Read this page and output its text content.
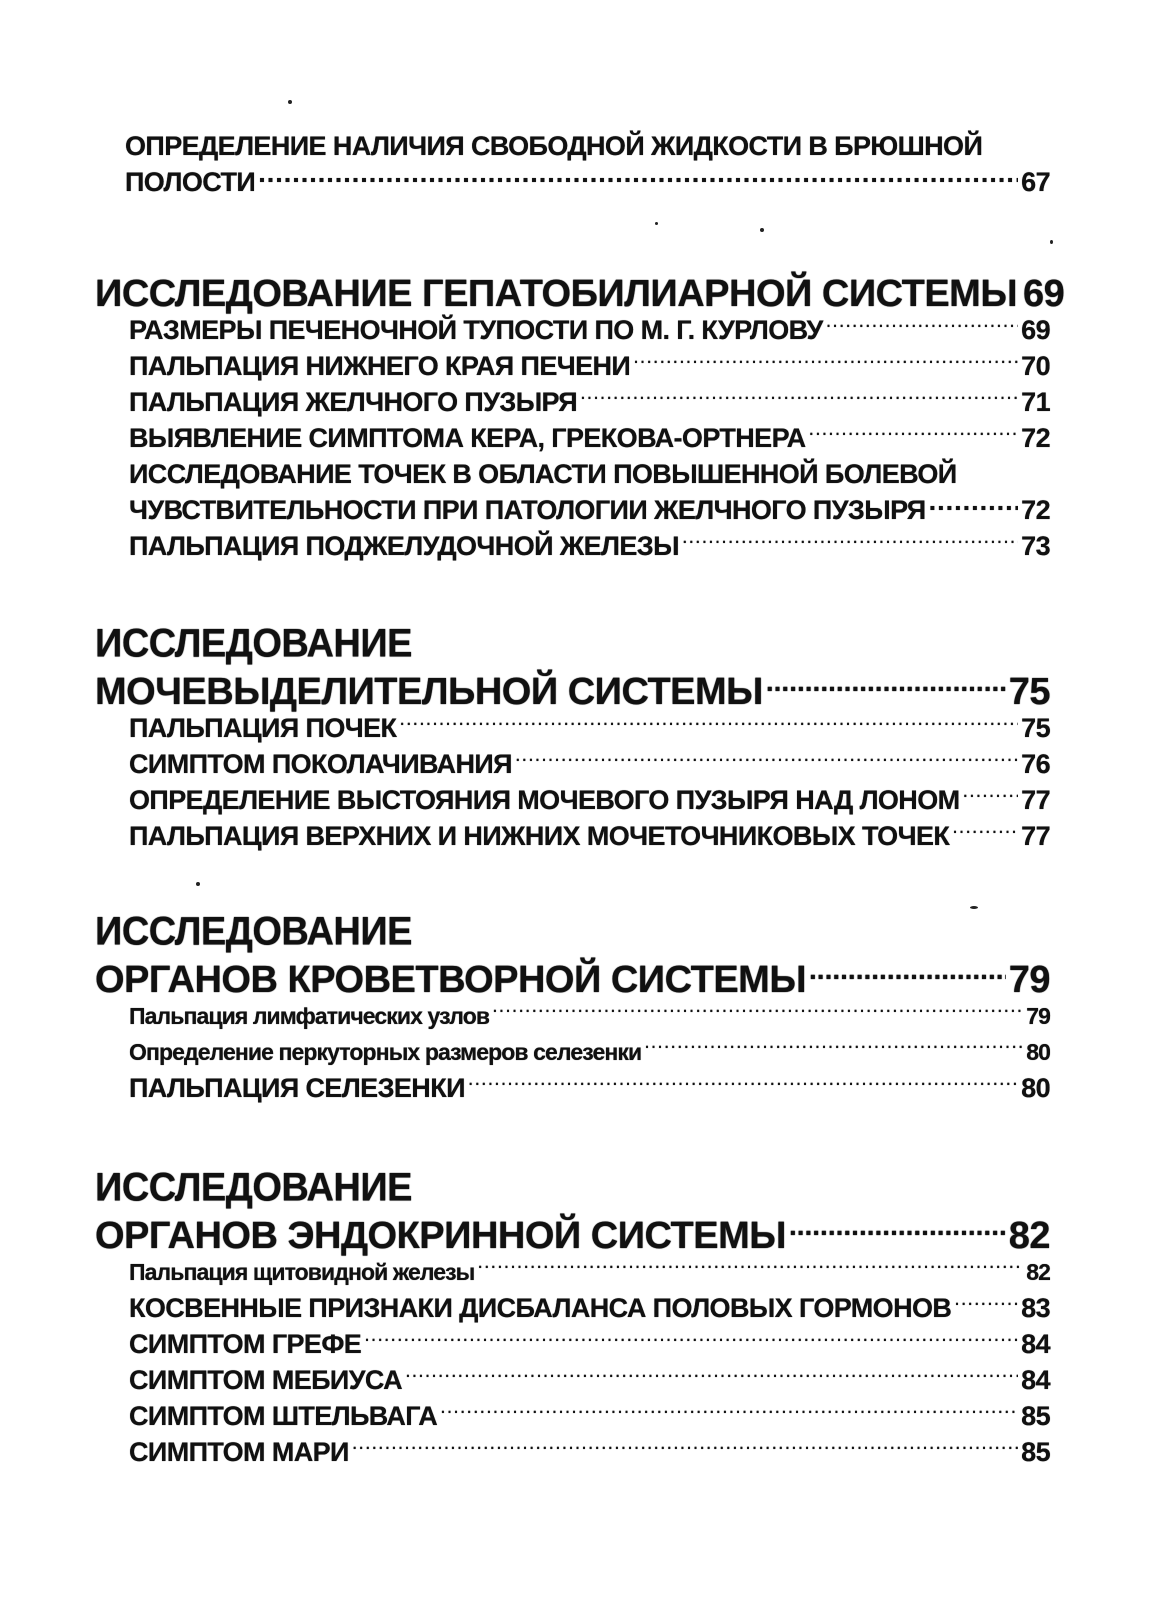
ОПРЕДЕЛЕНИЕ НАЛИЧИЯ СВОБОДНОЙ ЖИДКОСТИ В БРЮШНОЙ
ПОЛОСТИ .....	67
ИССЛЕДОВАНИЕ ГЕПАТОБИЛИАРНОЙ СИСТЕМЫ 69
РАЗМЕРЫ ПЕЧЕНОЧНОЙ ТУПОСТИ ПО М. Г. КУРЛОВУ .....	69
ПАЛЬПАЦИЯ НИЖНЕГО КРАЯ ПЕЧЕНИ .....	70
ПАЛЬПАЦИЯ ЖЕЛЧНОГО ПУЗЫРЯ .....	71
ВЫЯВЛЕНИЕ СИМПТОМА КЕРА, ГРЕКОВА-ОРТНЕРА .....	72
ИССЛЕДОВАНИЕ ТОЧЕК В ОБЛАСТИ ПОВЫШЕННОЙ БОЛЕВОЙ
ЧУВСТВИТЕЛЬНОСТИ ПРИ ПАТОЛОГИИ ЖЕЛЧНОГО ПУЗЫРЯ .....	72
ПАЛЬПАЦИЯ ПОДЖЕЛУДОЧНОЙ ЖЕЛЕЗЫ .....	73
ИССЛЕДОВАНИЕ
МОЧЕВЫДЕЛИТЕЛЬНОЙ СИСТЕМЫ .....	75
ПАЛЬПАЦИЯ ПОЧЕК .....	75
СИМПТОМ ПОКОЛАЧИВАНИЯ .....	76
ОПРЕДЕЛЕНИЕ ВЫСТОЯНИЯ МОЧЕВОГО ПУЗЫРЯ НАД ЛОНОМ ..... 77
ПАЛЬПАЦИЯ ВЕРХНИХ И НИЖНИХ МОЧЕТОЧНИКОВЫХ ТОЧЕК .....	77
ИССЛЕДОВАНИЕ
ОРГАНОВ КРОВЕТВОРНОЙ СИСТЕМЫ .....	79
Пальпация лимфатических узлов .....	79
Определение перкуторных размеров селезенки .....	80
ПАЛЬПАЦИЯ СЕЛЕЗЕНКИ .....	80
ИССЛЕДОВАНИЕ
ОРГАНОВ ЭНДОКРИННОЙ СИСТЕМЫ .....	82
Пальпация щитовидной железы .....	82
КОСВЕННЫЕ ПРИЗНАКИ ДИСБАЛАНСА ПОЛОВЫХ ГОРМОНОВ .....	83
СИМПТОМ ГРЕФЕ .....	84
СИМПТОМ МЕБИУСА .....	84
СИМПТОМ ШТЕЛЬВАГА .....	85
СИМПТОМ МАРИ .....	85
